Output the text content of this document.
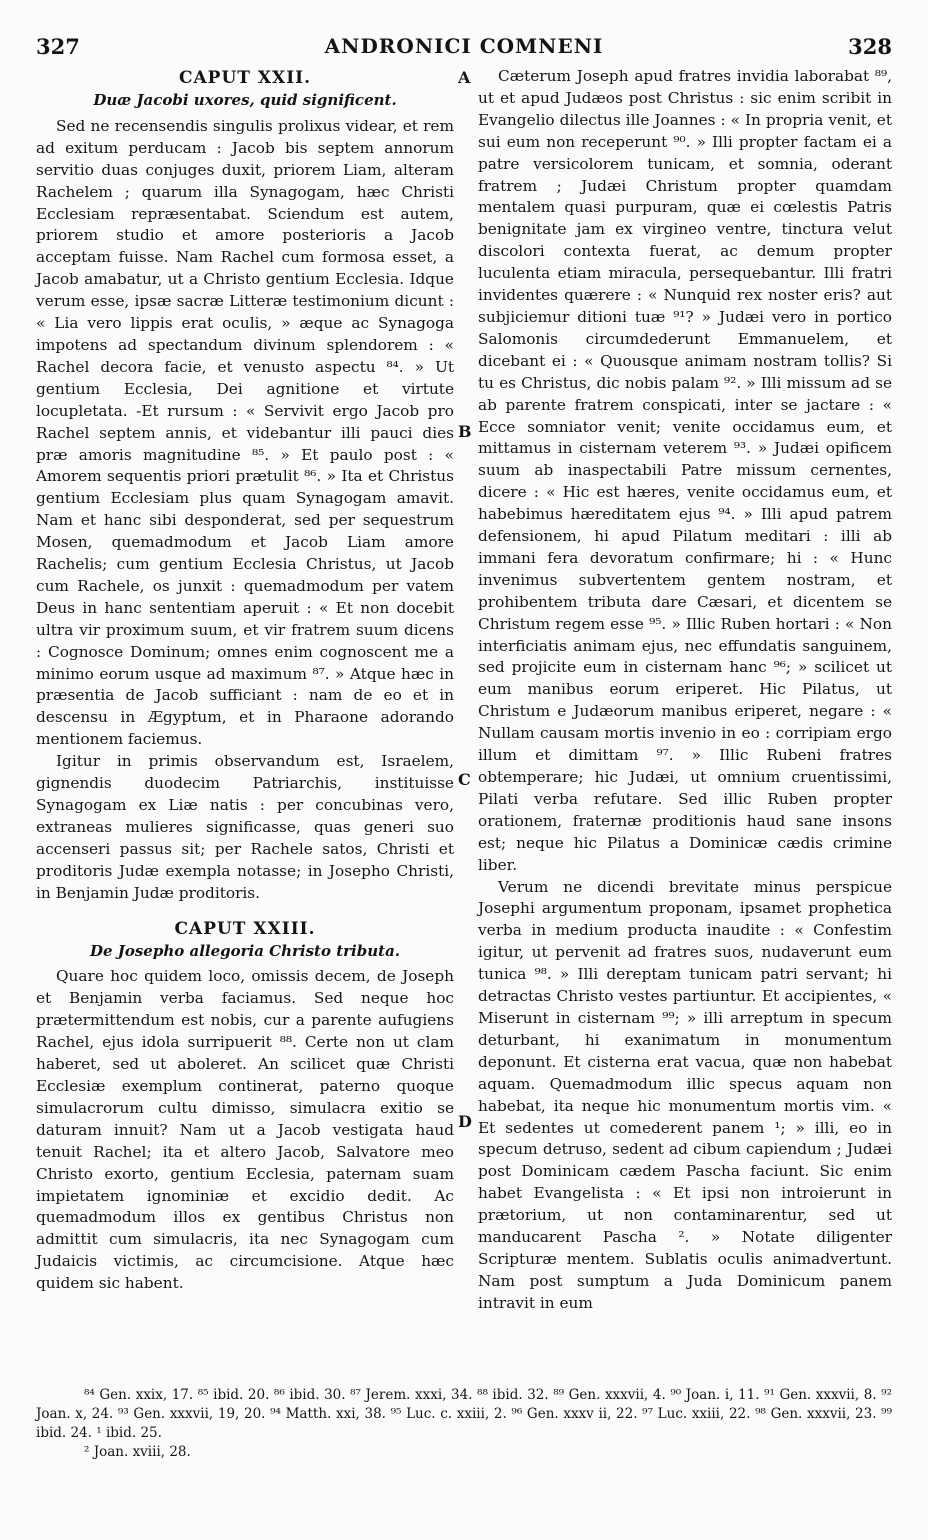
327	ANDRONICI COMNENI	328
A
B
C
D
CAPUT XXII.
Duæ Jacobi uxores, quid significent.

Sed ne recensendis singulis prolixus videar, et rem ad exitum perducam : Jacob bis septem annorum servitio duas conjuges duxit, priorem Liam, alteram Rachelem ; quarum illa Synagogam, hæc Christi Ecclesiam repræsentabat. Sciendum est autem, priorem studio et amore posterioris a Jacob acceptam fuisse. Nam Rachel cum formosa esset, a Jacob amabatur, ut a Christo gentium Ecclesia. Idque verum esse, ipsæ sacræ Litteræ testimonium dicunt : « Lia vero lippis erat oculis, » æque ac Synagoga impotens ad spectandum divinum splendorem : « Rachel decora facie, et venusto aspectu ⁸⁴. » Ut gentium Ecclesia, Dei agnitione et virtute locupletata. -Et rursum : « Servivit ergo Jacob pro Rachel septem annis, et videbantur illi pauci dies præ amoris magnitudine ⁸⁵. » Et paulo post : « Amorem sequentis priori prætulit ⁸⁶. » Ita et Christus gentium Ecclesiam plus quam Synagogam amavit. Nam et hanc sibi desponderat, sed per sequestrum Mosen, quemadmodum et Jacob Liam amore Rachelis; cum gentium Ecclesia Christus, ut Jacob cum Rachele, os junxit : quemadmodum per vatem Deus in hanc sententiam aperuit : « Et non docebit ultra vir proximum suum, et vir fratrem suum dicens : Cognosce Dominum; omnes enim cognoscent me a minimo eorum usque ad maximum ⁸⁷. » Atque hæc in præsentia de Jacob sufficiant : nam de eo et in descensu in Ægyptum, et in Pharaone adorando mentionem faciemus.

Igitur in primis observandum est, Israelem, gignendis duodecim Patriarchis, instituisse Synagogam ex Liæ natis : per concubinas vero, extraneas mulieres significasse, quas generi suo accenseri passus sit; per Rachele satos, Christi et proditoris Judæ exempla notasse; in Josepho Christi, in Benjamin Judæ proditoris.

CAPUT XXIII.
De Josepho allegoria Christo tributa.

Quare hoc quidem loco, omissis decem, de Joseph et Benjamin verba faciamus. Sed neque hoc prætermittendum est nobis, cur a parente aufugiens Rachel, ejus idola surripuerit ⁸⁸. Certe non ut clam haberet, sed ut aboleret. An scilicet quæ Christi Ecclesiæ exemplum continerat, paterno quoque simulacrorum cultu dimisso, simulacra exitio se daturam innuit? Nam ut a Jacob vestigata haud tenuit Rachel; ita et altero Jacob, Salvatore meo Christo exorto, gentium Ecclesia, paternam suam impietatem ignominiæ et excidio dedit. Ac quemadmodum illos ex gentibus Christus non admittit cum simulacris, ita nec Synagogam cum Judaicis victimis, ac circumcisione. Atque hæc quidem sic habent.

Cæterum Joseph apud fratres invidia laborabat ⁸⁹, ut et apud Judæos post Christus : sic enim scribit in Evangelio dilectus ille Joannes : « In propria venit, et sui eum non receperunt ⁹⁰. » Illi propter factam ei a patre versicolorem tunicam, et somnia, oderant fratrem ; Judæi Christum propter quamdam mentalem quasi purpuram, quæ ei cœlestis Patris benignitate jam ex virgineo ventre, tinctura velut discolori contexta fuerat, ac demum propter luculenta etiam miracula, persequebantur. Illi fratri invidentes quærere : « Nunquid rex noster eris? aut subjiciemur ditioni tuæ ⁹¹? » Judæi vero in portico Salomonis circumdederunt Emmanuelem, et dicebant ei : « Quousque animam nostram tollis? Si tu es Christus, dic nobis palam ⁹². » Illi missum ad se ab parente fratrem conspicati, inter se jactare : « Ecce somniator venit; venite occidamus eum, et mittamus in cisternam veterem ⁹³. » Judæi opificem suum ab inaspectabili Patre missum cernentes, dicere : « Hic est hæres, venite occidamus eum, et habebimus hæreditatem ejus ⁹⁴. » Illi apud patrem defensionem, hi apud Pilatum meditari : illi ab immani fera devoratum confirmare; hi : « Hunc invenimus subvertentem gentem nostram, et prohibentem tributa dare Cæsari, et dicentem se Christum regem esse ⁹⁵. » Illic Ruben hortari : « Non interficiatis animam ejus, nec effundatis sanguinem, sed projicite eum in cisternam hanc ⁹⁶; » scilicet ut eum manibus eorum eriperet. Hic Pilatus, ut Christum e Judæorum manibus eriperet, negare : « Nullam causam mortis invenio in eo : corripiam ergo illum et dimittam ⁹⁷. » Illic Rubeni fratres obtemperare; hic Judæi, ut omnium cruentissimi, Pilati verba refutare. Sed illic Ruben propter orationem, fraternæ proditionis haud sane insons est; neque hic Pilatus a Dominicæ cædis crimine liber.

Verum ne dicendi brevitate minus perspicue Josephi argumentum proponam, ipsamet prophetica verba in medium producta inaudite : « Confestim igitur, ut pervenit ad fratres suos, nudaverunt eum tunica ⁹⁸. » Illi dereptam tunicam patri servant; hi detractas Christo vestes partiuntur. Et accipientes, « Miserunt in cisternam ⁹⁹; » illi arreptum in specum deturbant, hi exanimatum in monumentum deponunt. Et cisterna erat vacua, quæ non habebat aquam. Quemadmodum illic specus aquam non habebat, ita neque hic monumentum mortis vim. « Et sedentes ut comederent panem ¹; » illi, eo in specum detruso, sedent ad cibum capiendum ; Judæi post Dominicam cædem Pascha faciunt. Sic enim habet Evangelista : « Et ipsi non introierunt in prætorium, ut non contaminarentur, sed ut manducarent Pascha ². » Notate diligenter Scripturæ mentem. Sublatis oculis animadvertunt. Nam post sumptum a Juda Dominicum panem intravit in eum

⁸⁴ Gen. xxix, 17. ⁸⁵ ibid. 20. ⁸⁶ ibid. 30. ⁸⁷ Jerem. xxxi, 34. ⁸⁸ ibid. 32. ⁸⁹ Gen. xxxvii, 4. ⁹⁰ Joan. i, 11. ⁹¹ Gen. xxxvii, 8. ⁹² Joan. x, 24. ⁹³ Gen. xxxvii, 19, 20. ⁹⁴ Matth. xxi, 38. ⁹⁵ Luc. c. xxiii, 2. ⁹⁶ Gen. xxxv ii, 22. ⁹⁷ Luc. xxiii, 22. ⁹⁸ Gen. xxxvii, 23. ⁹⁹ ibid. 24. ¹ ibid. 25.

² Joan. xviii, 28.
